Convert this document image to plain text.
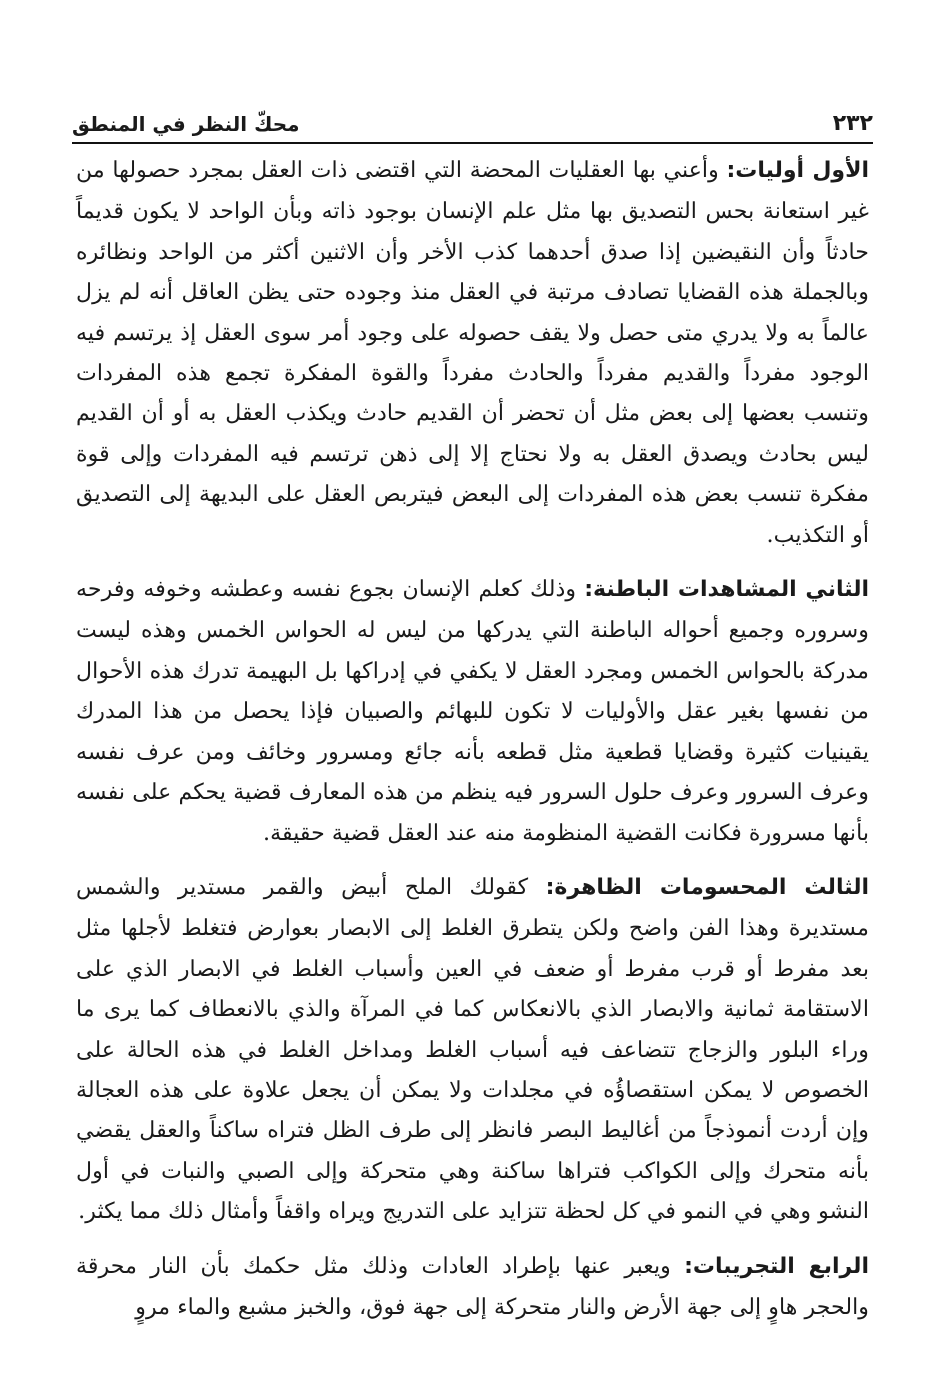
٢٣٢
محكّ النظر في المنطق

الأول أوليات: وأعني بها العقليات المحضة التي اقتضى ذات العقل بمجرد حصولها من غير استعانة بحس التصديق بها مثل علم الإنسان بوجود ذاته وبأن الواحد لا يكون قديماً حادثاً وأن النقيضين إذا صدق أحدهما كذب الأخر وأن الاثنين أكثر من الواحد ونظائره وبالجملة هذه القضايا تصادف مرتبة في العقل منذ وجوده حتى يظن العاقل أنه لم يزل عالماً به ولا يدري متى حصل ولا يقف حصوله على وجود أمر سوى العقل إذ يرتسم فيه الوجود مفرداً والقديم مفرداً والحادث مفرداً والقوة المفكرة تجمع هذه المفردات وتنسب بعضها إلى بعض مثل أن تحضر أن القديم حادث ويكذب العقل به أو أن القديم ليس بحادث ويصدق العقل به ولا نحتاج إلا إلى ذهن ترتسم فيه المفردات وإلى قوة مفكرة تنسب بعض هذه المفردات إلى البعض فيتربص العقل على البديهة إلى التصديق أو التكذيب.

الثاني المشاهدات الباطنة: وذلك كعلم الإنسان بجوع نفسه وعطشه وخوفه وفرحه وسروره وجميع أحواله الباطنة التي يدركها من ليس له الحواس الخمس وهذه ليست مدركة بالحواس الخمس ومجرد العقل لا يكفي في إدراكها بل البهيمة تدرك هذه الأحوال من نفسها بغير عقل والأوليات لا تكون للبهائم والصبيان فإذا يحصل من هذا المدرك يقينيات كثيرة وقضايا قطعية مثل قطعه بأنه جائع ومسرور وخائف ومن عرف نفسه وعرف السرور وعرف حلول السرور فيه ينظم من هذه المعارف قضية يحكم على نفسه بأنها مسرورة فكانت القضية المنظومة منه عند العقل قضية حقيقة.

الثالث المحسومات الظاهرة: كقولك الملح أبيض والقمر مستدير والشمس مستديرة وهذا الفن واضح ولكن يتطرق الغلط إلى الابصار بعوارض فتغلط لأجلها مثل بعد مفرط أو قرب مفرط أو ضعف في العين وأسباب الغلط في الابصار الذي على الاستقامة ثمانية والابصار الذي بالانعكاس كما في المرآة والذي بالانعطاف كما يرى ما وراء البلور والزجاج تتضاعف فيه أسباب الغلط ومداخل الغلط في هذه الحالة على الخصوص لا يمكن استقصاؤُه في مجلدات ولا يمكن أن يجعل علاوة على هذه العجالة وإن أردت أنموذجاً من أغاليط البصر فانظر إلى طرف الظل فتراه ساكناً والعقل يقضي بأنه متحرك وإلى الكواكب فتراها ساكنة وهي متحركة وإلى الصبي والنبات في أول النشو وهي في النمو في كل لحظة تتزايد على التدريج ويراه واقفاً وأمثال ذلك مما يكثر.

الرابع التجريبات: ويعبر عنها بإطراد العادات وذلك مثل حكمك بأن النار محرقة والحجر هاوٍ إلى جهة الأرض والنار متحركة إلى جهة فوق، والخبز مشبع والماء مروٍ
